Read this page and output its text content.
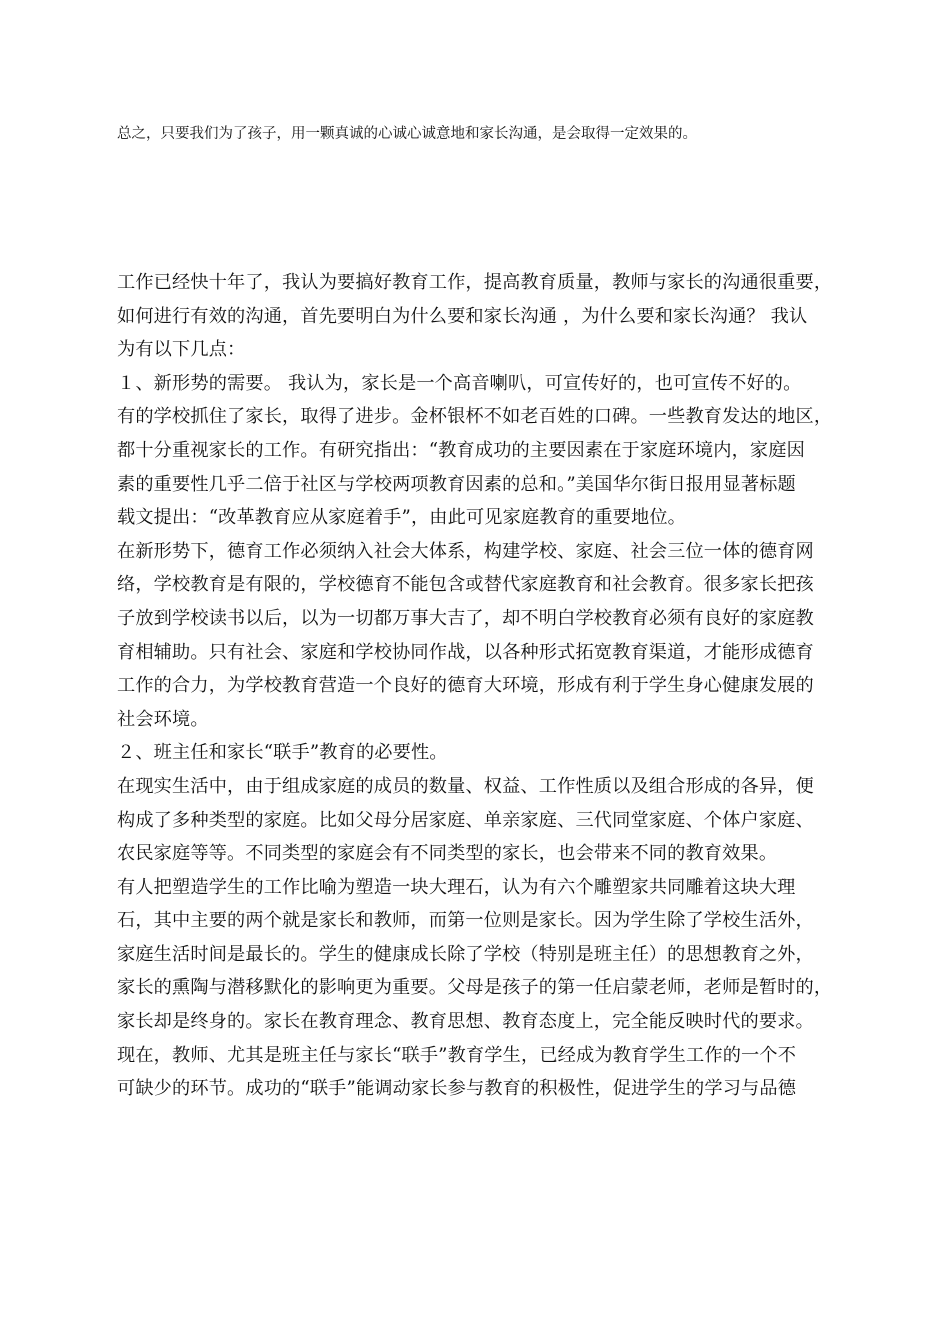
总之，只要我们为了孩子，用一颗真诚的心诚心诚意地和家长沟通，是会取得一定效果的。
工作已经快十年了，我认为要搞好教育工作，提高教育质量，教师与家长的沟通很重要，
如何进行有效的沟通，首先要明白为什么要和家长沟通 ，为什么要和家长沟通？ 我认
为有以下几点：
１、新形势的需要。 我认为，家长是一个高音喇叭，可宣传好的，也可宣传不好的。
有的学校抓住了家长，取得了进步。金杯银杯不如老百姓的口碑。一些教育发达的地区，
都十分重视家长的工作。有研究指出：“教育成功的主要因素在于家庭环境内，家庭因
素的重要性几乎二倍于社区与学校两项教育因素的总和。”美国华尔街日报用显著标题
载文提出：“改革教育应从家庭着手”，由此可见家庭教育的重要地位。
在新形势下，德育工作必须纳入社会大体系，构建学校、家庭、社会三位一体的德育网
络，学校教育是有限的，学校德育不能包含或替代家庭教育和社会教育。很多家长把孩
子放到学校读书以后，以为一切都万事大吉了，却不明白学校教育必须有良好的家庭教
育相辅助。只有社会、家庭和学校协同作战，以各种形式拓宽教育渠道，才能形成德育
工作的合力，为学校教育营造一个良好的德育大环境，形成有利于学生身心健康发展的
社会环境。
２、班主任和家长“联手”教育的必要性。
在现实生活中，由于组成家庭的成员的数量、权益、工作性质以及组合形成的各异，便
构成了多种类型的家庭。比如父母分居家庭、单亲家庭、三代同堂家庭、个体户家庭、
农民家庭等等。不同类型的家庭会有不同类型的家长，也会带来不同的教育效果。
有人把塑造学生的工作比喻为塑造一块大理石，认为有六个雕塑家共同雕着这块大理
石，其中主要的两个就是家长和教师，而第一位则是家长。因为学生除了学校生活外，
家庭生活时间是最长的。学生的健康成长除了学校（特别是班主任）的思想教育之外，
家长的熏陶与潜移默化的影响更为重要。父母是孩子的第一任启蒙老师，老师是暂时的，
家长却是终身的。家长在教育理念、教育思想、教育态度上，完全能反映时代的要求。
现在，教师、尤其是班主任与家长“联手”教育学生，已经成为教育学生工作的一个不
可缺少的环节。成功的“联手”能调动家长参与教育的积极性，促进学生的学习与品德
